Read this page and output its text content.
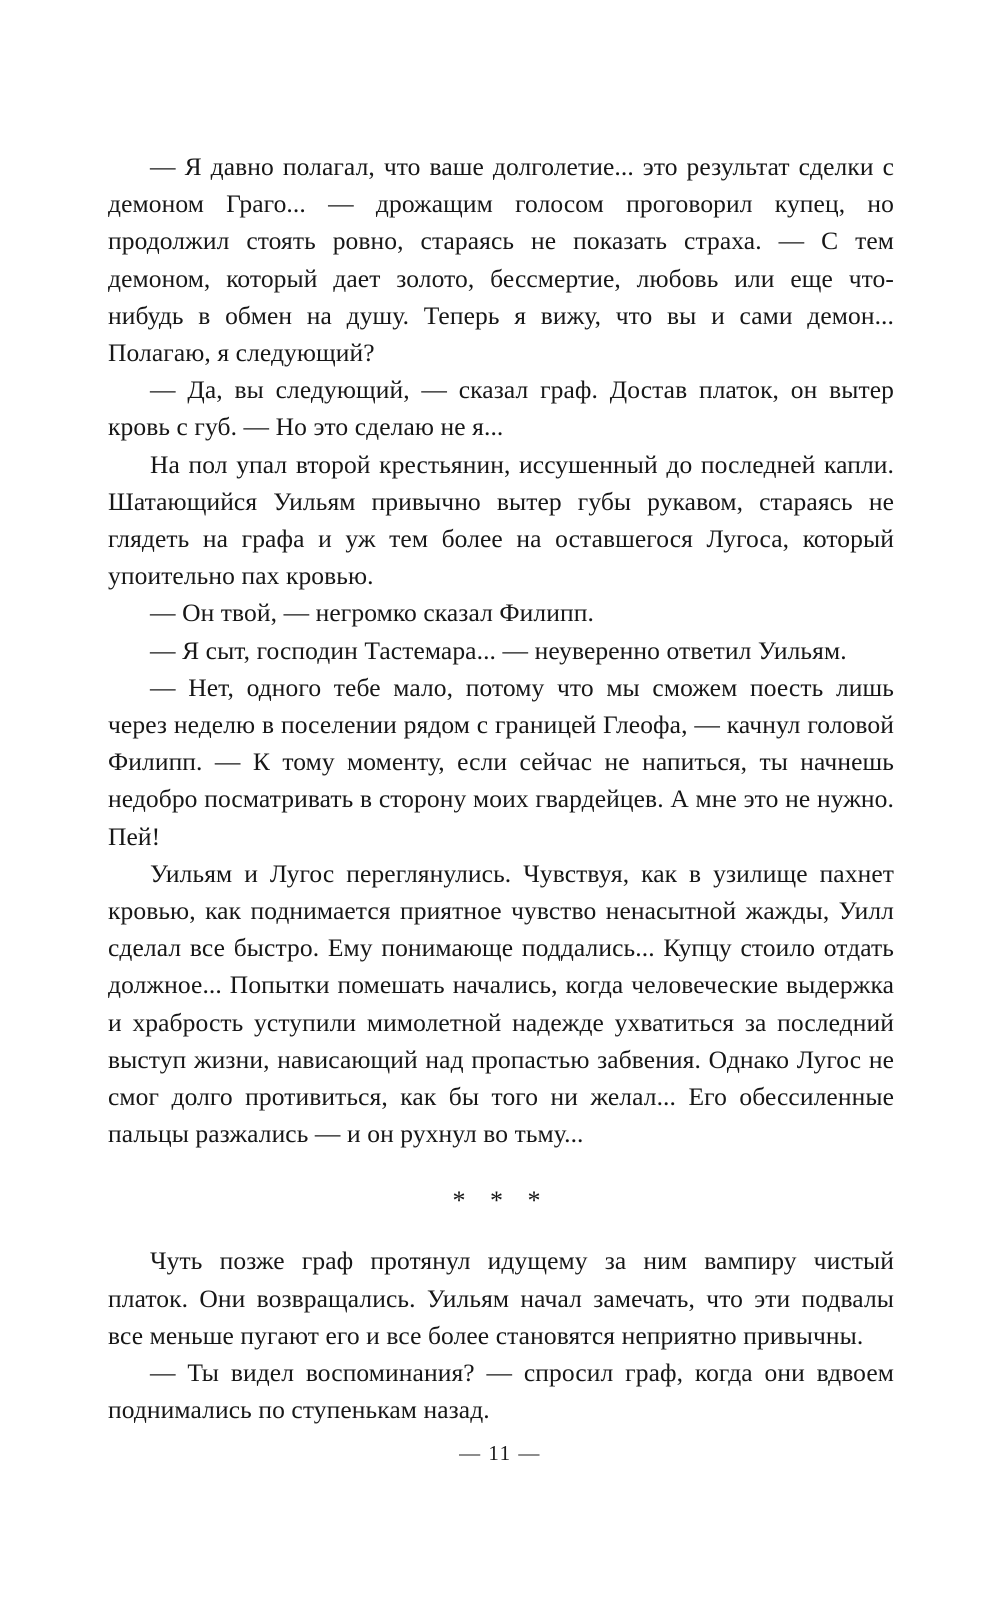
— Я давно полагал, что ваше долголетие... это результат сделки с демоном Граго... — дрожащим голосом проговорил купец, но продолжил стоять ровно, стараясь не показать страха. — С тем демоном, который дает золото, бессмертие, любовь или еще что-нибудь в обмен на душу. Теперь я вижу, что вы и сами демон... Полагаю, я следующий?

— Да, вы следующий, — сказал граф. Достав платок, он вытер кровь с губ. — Но это сделаю не я...

На пол упал второй крестьянин, иссушенный до последней капли. Шатающийся Уильям привычно вытер губы рукавом, стараясь не глядеть на графа и уж тем более на оставшегося Лугоса, который упоительно пах кровью.

— Он твой, — негромко сказал Филипп.

— Я сыт, господин Тастемара... — неуверенно ответил Уильям.

— Нет, одного тебе мало, потому что мы сможем поесть лишь через неделю в поселении рядом с границей Глеофа, — качнул головой Филипп. — К тому моменту, если сейчас не напиться, ты начнешь недобро посматривать в сторону моих гвардейцев. А мне это не нужно. Пей!

Уильям и Лугос переглянулись. Чувствуя, как в узилище пахнет кровью, как поднимается приятное чувство ненасытной жажды, Уилл сделал все быстро. Ему понимающе поддались... Купцу стоило отдать должное... Попытки помешать начались, когда человеческие выдержка и храбрость уступили мимолетной надежде ухватиться за последний выступ жизни, нависающий над пропастью забвения. Однако Лугос не смог долго противиться, как бы того ни желал... Его обессиленные пальцы разжались — и он рухнул во тьму...

* * *

Чуть позже граф протянул идущему за ним вампиру чистый платок. Они возвращались. Уильям начал замечать, что эти подвалы все меньше пугают его и все более становятся неприятно привычны.

— Ты видел воспоминания? — спросил граф, когда они вдвоем поднимались по ступенькам назад.

— 11 —
